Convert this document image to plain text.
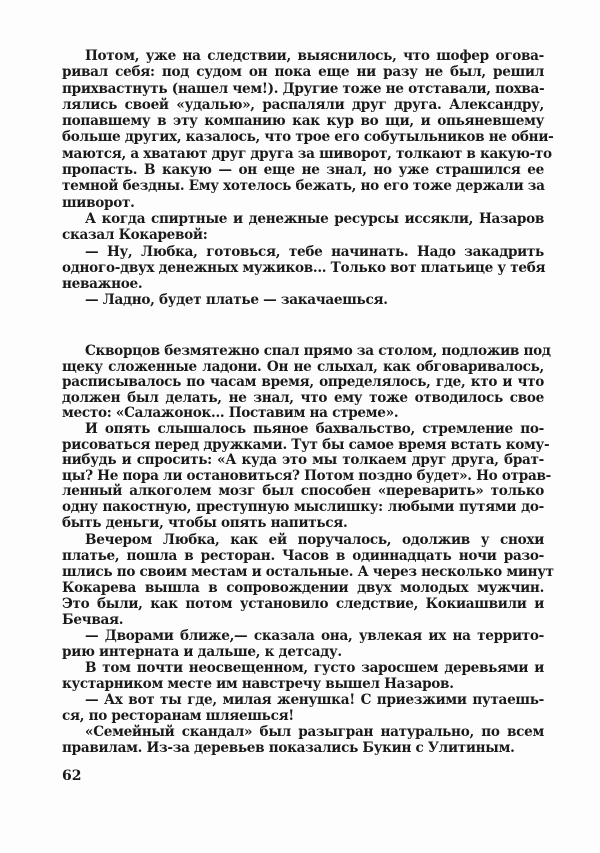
Потом, уже на следствии, выяснилось, что шофер огова-
ривал себя: под судом он пока еще ни разу не был, решил
прихвастнуть (нашел чем!). Другие тоже не отставали, похва-
лялись своей «удалью», распаляли друг друга. Александру,
попавшему в эту компанию как кур во щи, и опьяневшему
больше других, казалось, что трое его собутыльников не обни-
маются, а хватают друг друга за шиворот, толкают в какую-то
пропасть. В какую — он еще не знал, но уже страшился ее
темной бездны. Ему хотелось бежать, но его тоже держали за
шиворот.
А когда спиртные и денежные ресурсы иссякли, Назаров
сказал Кокаревой:
— Ну, Любка, готовься, тебе начинать. Надо закадрить
одного-двух денежных мужиков... Только вот платьице у тебя
неважное.
— Ладно, будет платье — закачаешься.
Скворцов безмятежно спал прямо за столом, подложив под
щеку сложенные ладони. Он не слыхал, как обговаривалось,
расписывалось по часам время, определялось, где, кто и что
должен был делать, не знал, что ему тоже отводилось свое
место: «Салажонок... Поставим на стреме».
И опять слышалось пьяное бахвальство, стремление по-
рисоваться перед дружками. Тут бы самое время встать кому-
нибудь и спросить: «А куда это мы толкаем друг друга, брат-
цы? Не пора ли остановиться? Потом поздно будет». Но отрав-
ленный алкоголем мозг был способен «переварить» только
одну пакостную, преступную мыслишку: любыми путями до-
быть деньги, чтобы опять напиться.
Вечером Любка, как ей поручалось, одолжив у снохи
платье, пошла в ресторан. Часов в одиннадцать ночи разо-
шлись по своим местам и остальные. А через несколько минут
Кокарева вышла в сопровождении двух молодых мужчин.
Это были, как потом установило следствие, Кокиашвили и
Бечвая.
— Дворами ближе,— сказала она, увлекая их на террито-
рию интерната и дальше, к детсаду.
В том почти неосвещенном, густо заросшем деревьями и
кустарником месте им навстречу вышел Назаров.
— Ах вот ты где, милая женушка! С приезжими путаешь-
ся, по ресторанам шляешься!
«Семейный скандал» был разыгран натурально, по всем
правилам. Из-за деревьев показались Букин с Улитиным.
62
